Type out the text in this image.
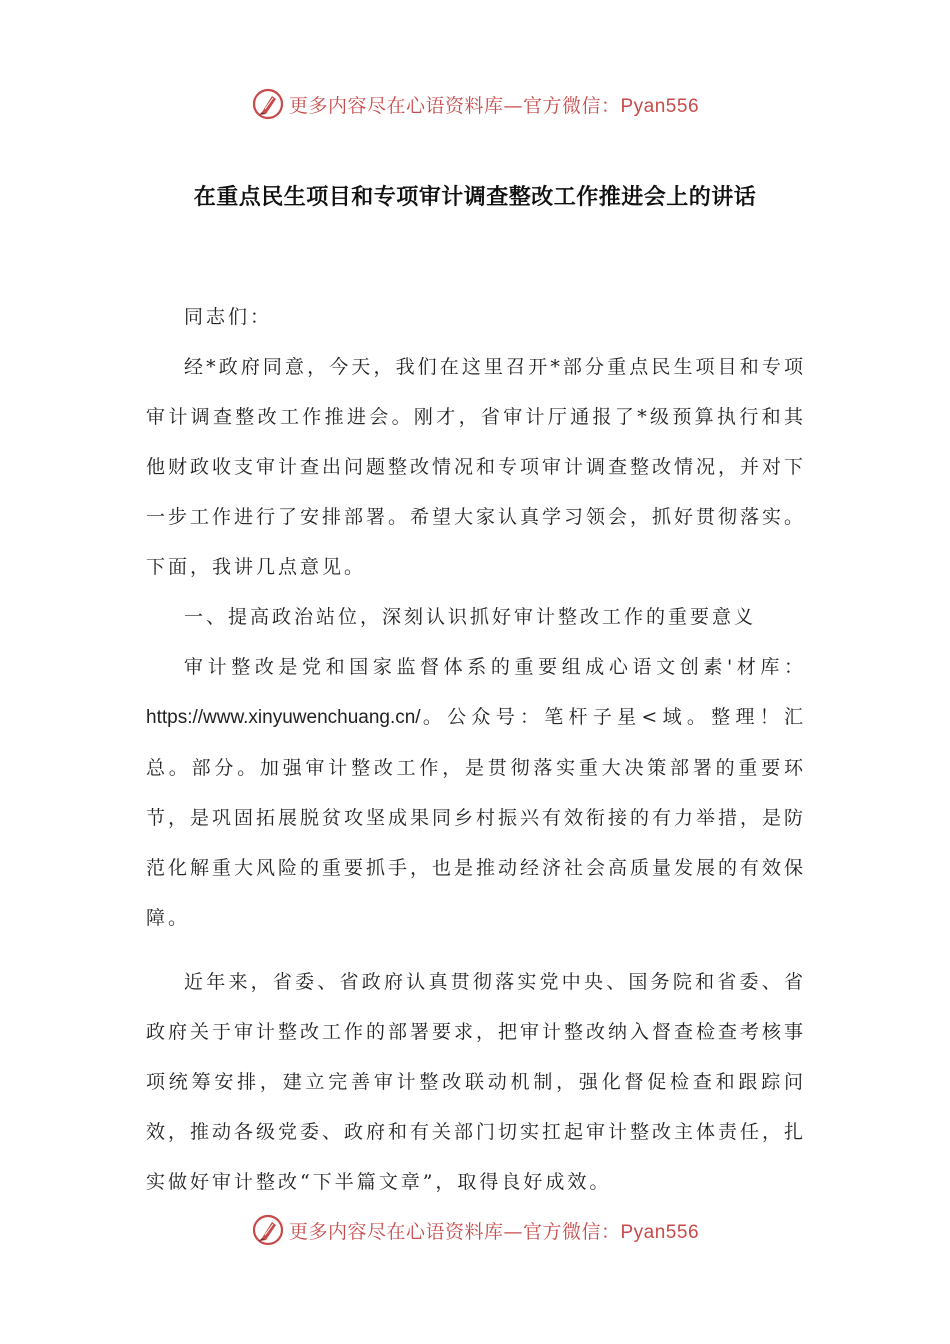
更多内容尽在心语资料库—官方微信：Pyan556
在重点民生项目和专项审计调查整改工作推进会上的讲话

同志们：

经*政府同意，今天，我们在这里召开*部分重点民生项目和专项审计调查整改工作推进会。刚才，省审计厅通报了*级预算执行和其他财政收支审计查出问题整改情况和专项审计调查整改情况，并对下一步工作进行了安排部署。希望大家认真学习领会，抓好贯彻落实。下面，我讲几点意见。

一、提高政治站位，深刻认识抓好审计整改工作的重要意义

审计整改是党和国家监督体系的重要组成心语文创素'材库：https://www.xinyuwenchuang.cn/。公众号：笔杆子星<域。整理！汇总。部分。加强审计整改工作，是贯彻落实重大决策部署的重要环节，是巩固拓展脱贫攻坚成果同乡村振兴有效衔接的有力举措，是防范化解重大风险的重要抓手，也是推动经济社会高质量发展的有效保障。

近年来，省委、省政府认真贯彻落实党中央、国务院和省委、省政府关于审计整改工作的部署要求，把审计整改纳入督查检查考核事项统筹安排，建立完善审计整改联动机制，强化督促检查和跟踪问效，推动各级党委、政府和有关部门切实扛起审计整改主体责任，扎实做好审计整改“下半篇文章”，取得良好成效。

更多内容尽在心语资料库—官方微信：Pyan556
